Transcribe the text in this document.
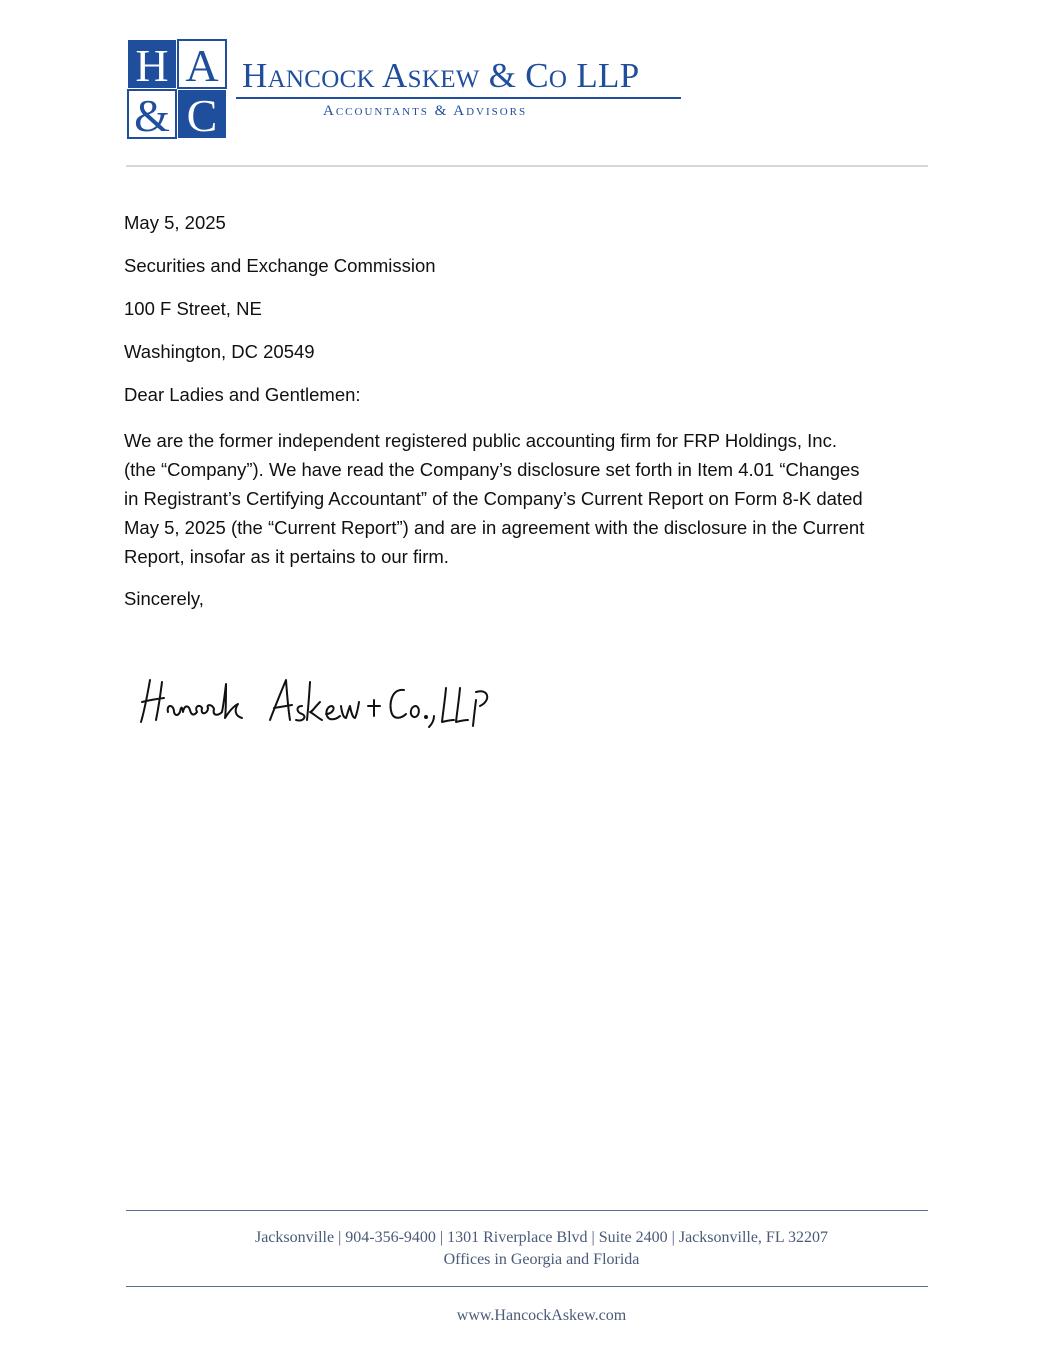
H A
& C
Hancock Askew & Co LLP
Accountants & Advisors
May 5, 2025
Securities and Exchange Commission
100 F Street, NE
Washington, DC 20549
Dear Ladies and Gentlemen:
We are the former independent registered public accounting firm for FRP Holdings, Inc.
(the “Company”). We have read the Company’s disclosure set forth in Item 4.01 “Changes
in Registrant’s Certifying Accountant” of the Company’s Current Report on Form 8-K dated
May 5, 2025 (the “Current Report”) and are in agreement with the disclosure in the Current
Report, insofar as it pertains to our firm.
Sincerely,
Jacksonville | 904-356-9400 | 1301 Riverplace Blvd | Suite 2400 | Jacksonville, FL 32207
Offices in Georgia and Florida
www.HancockAskew.com
